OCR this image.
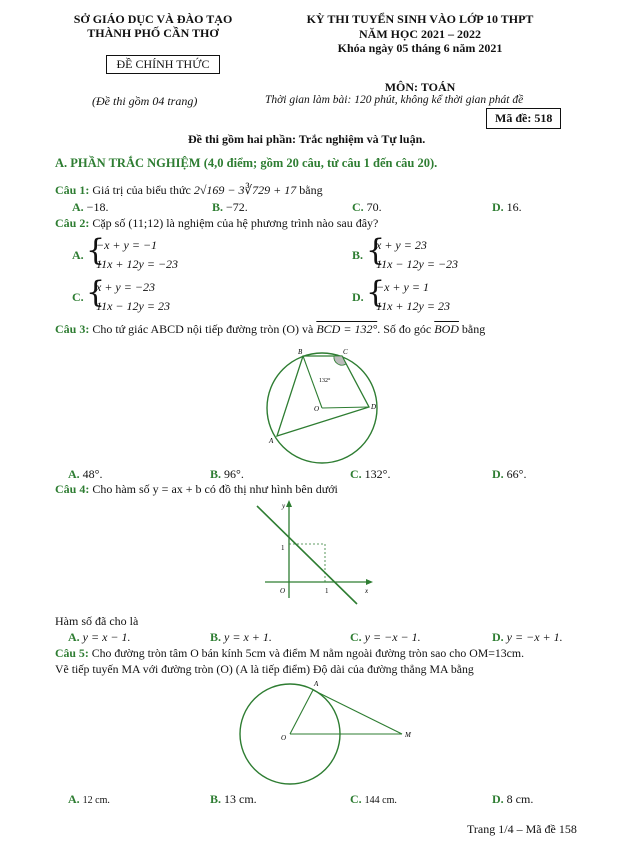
SỞ GIÁO DỤC VÀ ĐÀO TẠO
THÀNH PHỐ CẦN THƠ
ĐỀ CHÍNH THỨC
(Đề thi gồm 04 trang)
KỲ THI TUYỂN SINH VÀO LỚP 10 THPT
NĂM HỌC 2021 – 2022
Khóa ngày 05 tháng 6 năm 2021
MÔN: TOÁN
Thời gian làm bài: 120 phút, không kể thời gian phát đề
Mã đề: 518
Đề thi gồm hai phần: Trắc nghiệm và Tự luận.
A. PHẦN TRẮC NGHIỆM (4,0 điểm; gồm 20 câu, từ câu 1 đến câu 20).
Câu 1: Giá trị của biểu thức 2√169 − 3∛729 + 17 bằng
A. −18.	B. −72.	C. 70.	D. 16.
Câu 2: Cặp số (11;12) là nghiệm của hệ phương trình nào sau đây?
A. {
−x + y = −1
11x + 12y = −23
B. {
x + y = 23
11x − 12y = −23
C. {
x + y = −23
11x − 12y = 23
D. {
−x + y = 1
11x + 12y = 23
Câu 3: Cho tứ giác ABCD nội tiếp đường tròn (O) và BCD = 132°. Số đo góc $\overline{BOD}$ bằng
B	C
O	D
A
132°
A. 48°.	B. 96°.	C. 132°.	D. 66°.
Câu 4: Cho hàm số y = ax + b có đồ thị như hình bên dưới
y
x
O	1
1
Hàm số đã cho là
A. y = x − 1.	B. y = x + 1.	C. y = −x − 1.	D. y = −x + 1.
Câu 5: Cho đường tròn tâm O bán kính 5cm và điểm M nằm ngoài đường tròn sao cho OM=13cm.
Vẽ tiếp tuyến MA với đường tròn (O) (A là tiếp điểm) Độ dài của đường thẳng MA bằng
A
O	M
A. 12 cm.	B. 13 cm.	C. 144 cm.	D. 8 cm.
Trang 1/4 – Mã đề 158
